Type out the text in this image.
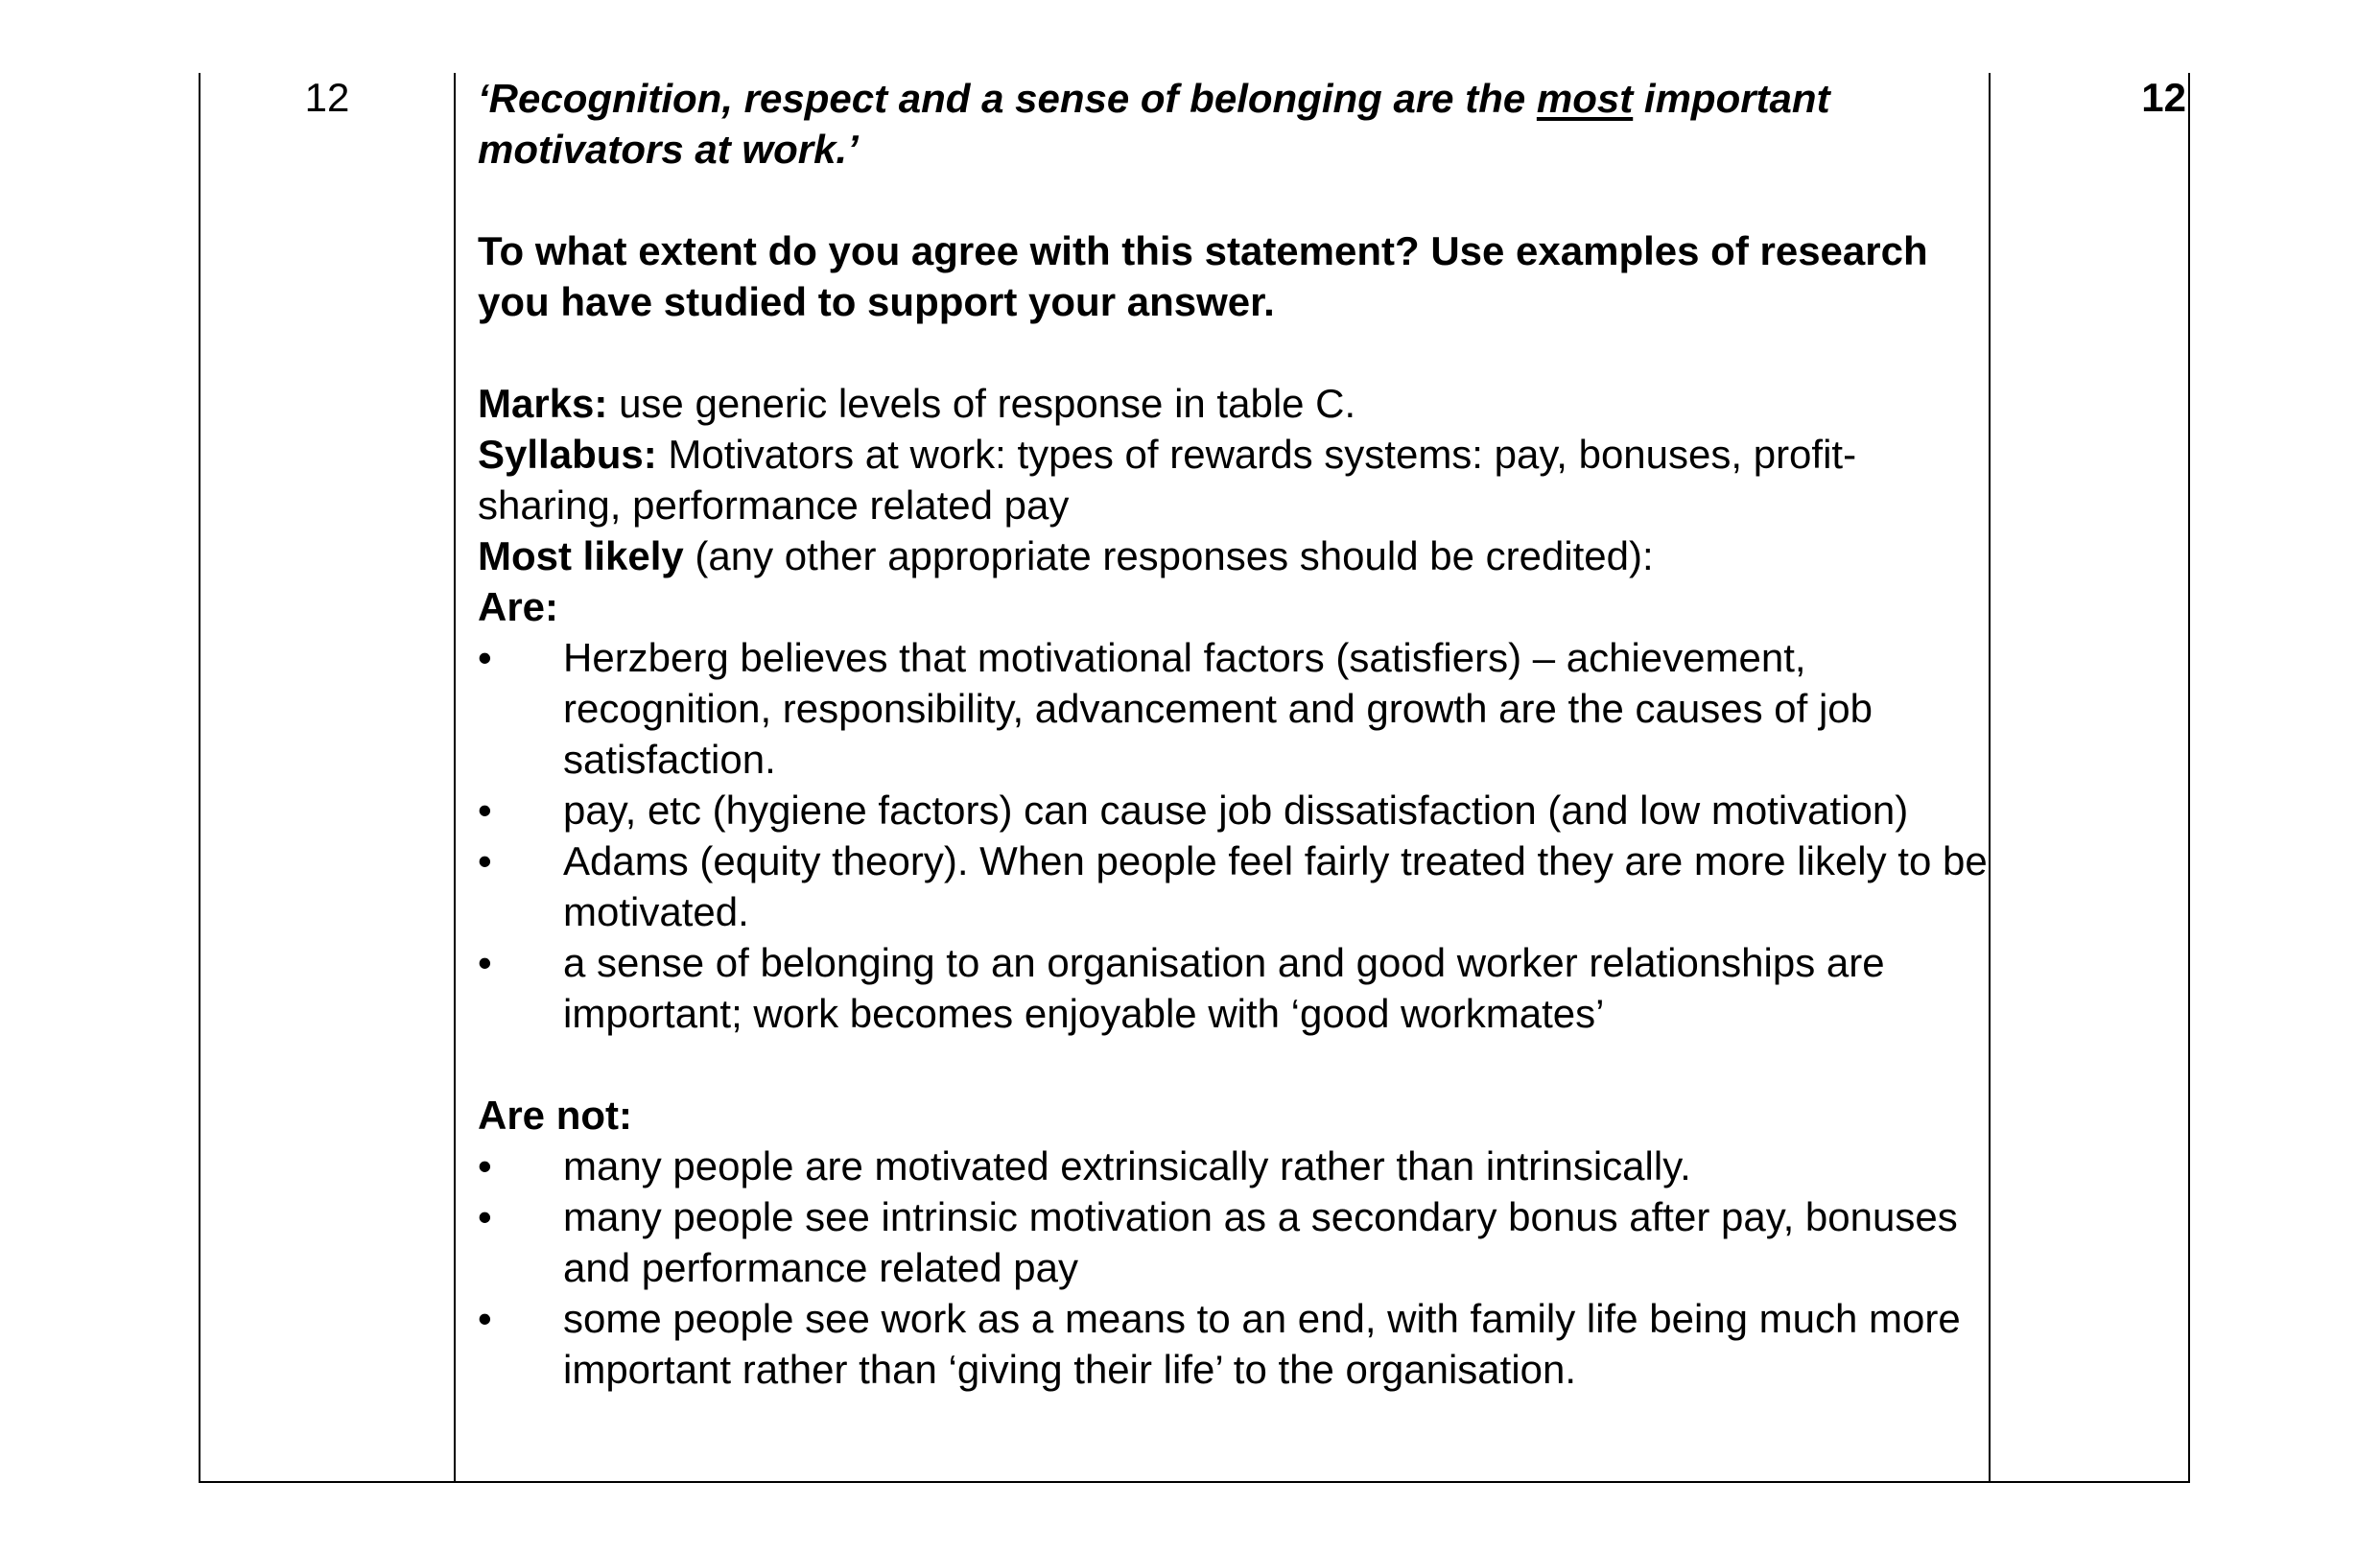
12	‘Recognition, respect and a sense of belonging are the most important motivators at work.’

To what extent do you agree with this statement? Use examples of research you have studied to support your answer.

Marks: use generic levels of response in table C.

Syllabus: Motivators at work: types of rewards systems: pay, bonuses, profit-sharing, performance related pay

Most likely (any other appropriate responses should be credited):

Are:

•	Herzberg believes that motivational factors (satisfiers) – achievement, recognition, responsibility, advancement and growth are the causes of job satisfaction.
•	pay, etc (hygiene factors) can cause job dissatisfaction (and low motivation)
•	Adams (equity theory). When people feel fairly treated they are more likely to be motivated.
•	a sense of belonging to an organisation and good worker relationships are important; work becomes enjoyable with ‘good workmates’

Are not:

•	many people are motivated extrinsically rather than intrinsically.
•	many people see intrinsic motivation as a secondary bonus after pay, bonuses and performance related pay
•	some people see work as a means to an end, with family life being much more important rather than ‘giving their life’ to the organisation.
12
